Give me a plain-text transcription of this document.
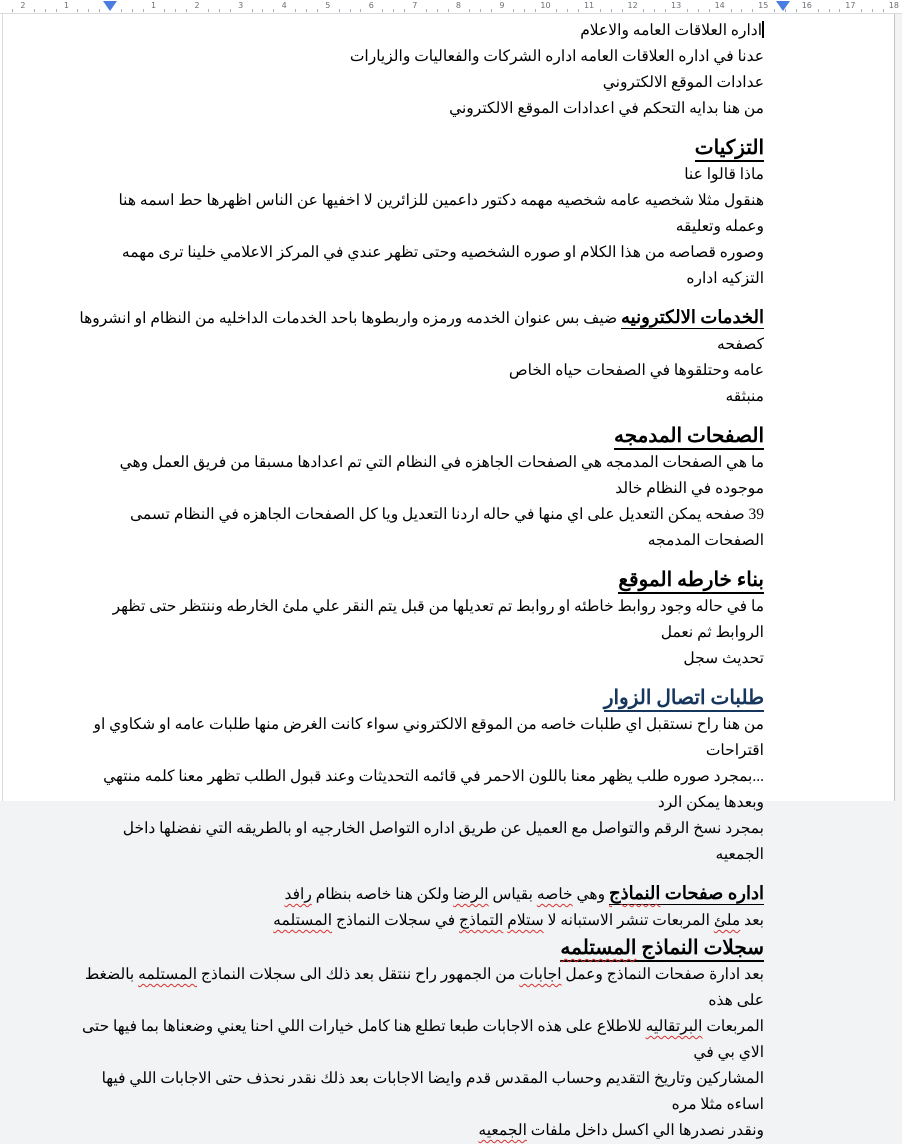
2	1	1	2	3	4	5	6	7	8	9	10	11	12	13	14	15	16	17	18

اداره العلاقات العامه والاعلام

عدنا في اداره العلاقات العامه اداره الشركات والفعاليات والزيارات

عدادات الموقع الالكتروني

من هنا بدايه التحكم في اعدادات الموقع الالكتروني

التزكيات

ماذا قالوا عنا

هنقول مثلا شخصيه عامه شخصيه مهمه دكتور داعمين للزائرين لا اخفيها عن الناس اظهرها حط اسمه هنا وعمله وتعليقه

وصوره قصاصه من هذا الكلام او صوره الشخصيه وحتى تظهر عندي في المركز الاعلامي خلينا ترى مهمه التزكيه اداره

الخدمات الالكترونيه ضيف بس عنوان الخدمه ورمزه واربطوها باحد الخدمات الداخليه من النظام او انشروها كصفحه

عامه وحتلقوها في الصفحات حياه الخاص

منبثقه

الصفحات المدمجه

ما هي الصفحات المدمجه هي الصفحات الجاهزه في النظام التي تم اعدادها مسبقا من فريق العمل وهي موجوده في النظام خالد

39 صفحه يمكن التعديل على اي منها في حاله اردنا التعديل ويا كل الصفحات الجاهزه في النظام تسمى الصفحات المدمجه

بناء خارطه الموقع

ما في حاله وجود روابط خاطئه او روابط تم تعديلها من قبل يتم النقر علي ملئ الخارطه وننتظر حتى تظهر الروابط ثم نعمل

تحديث سجل

طلبات اتصال الزوار

من هنا راح نستقبل اي طلبات خاصه من الموقع الالكتروني سواء كانت الغرض منها طلبات عامه او شكاوي او اقتراحات

...بمجرد صوره طلب يظهر معنا باللون الاحمر في قائمه التحديثات وعند قبول الطلب تظهر معنا كلمه منتهي وبعدها يمكن الرد

بمجرد نسخ الرقم والتواصل مع العميل عن طريق اداره التواصل الخارجيه او بالطريقه التي نفضلها داخل الجمعيه

اداره صفحات النماذج وهي خاصه بقياس الرضا ولكن هنا خاصه بنظام رافد

بعد ملئ المربعات تنشر الاستبانه لا ستلام التماذج في سجلات النماذج المستلمه

سجلات النماذج المستلمه

بعد ادارة صفحات النماذج وعمل اجابات من الجمهور راح ننتقل بعد ذلك الى سجلات النماذج المستلمه بالضغط على هذه

المربعات البرتقاليه للاطلاع على هذه الاجابات طبعا تطلع هنا كامل خيارات اللي احنا يعني وضعناها بما فيها حتى الاي بي في

المشاركين وتاريخ التقديم وحساب المقدس قدم وايضا الاجابات بعد ذلك نقدر نحذف حتى الاجابات اللي فيها اساءه مثلا مره

ونقدر نصدرها الي اكسل داخل ملفات الجمعيه
